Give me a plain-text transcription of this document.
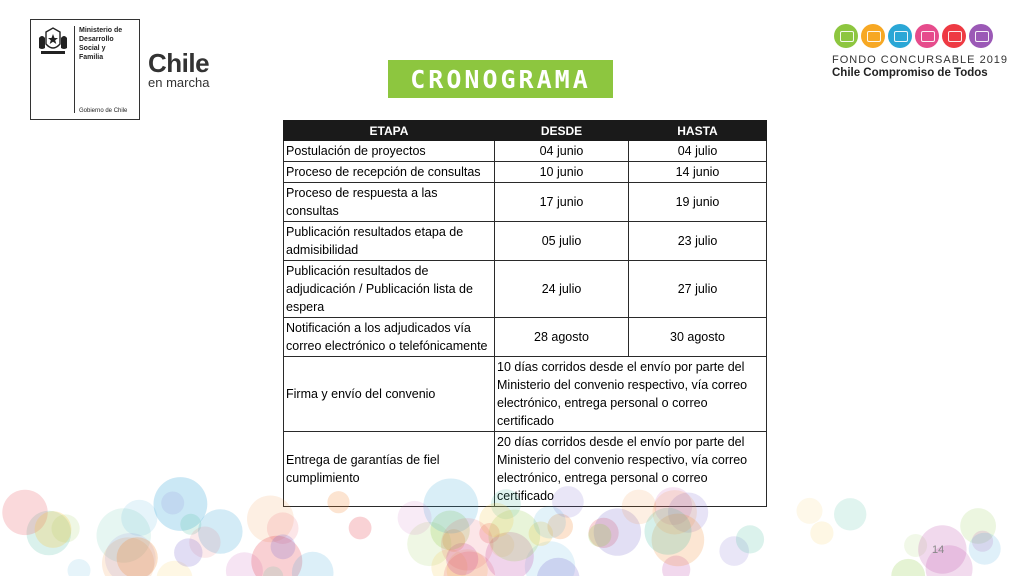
Ministerio de
Desarrollo
Social y
Familia
Gobierno de Chile
Chile
en marcha	CRONOGRAMA
FONDO CONCURSABLE 2019
Chile Compromiso de Todos
ETAPA	DESDE	HASTA
Postulación de proyectos	04 junio	04 julio
Proceso de recepción de consultas	10 junio	14 junio
Proceso de respuesta a las consultas	17 junio	19 junio
Publicación resultados etapa de admisibilidad	05 julio	23 julio
Publicación resultados de adjudicación / Publicación lista de espera	24 julio	27 julio
Notificación a los adjudicados vía correo electrónico o telefónicamente	28 agosto	30 agosto
Firma y envío del convenio	10 días corridos desde el envío por parte del Ministerio del convenio respectivo, vía correo electrónico, entrega personal o correo certificado	
Entrega de garantías de fiel cumplimiento	20 días corridos desde el envío por parte del Ministerio del convenio respectivo, vía correo electrónico, entrega personal o correo certificado	
14
